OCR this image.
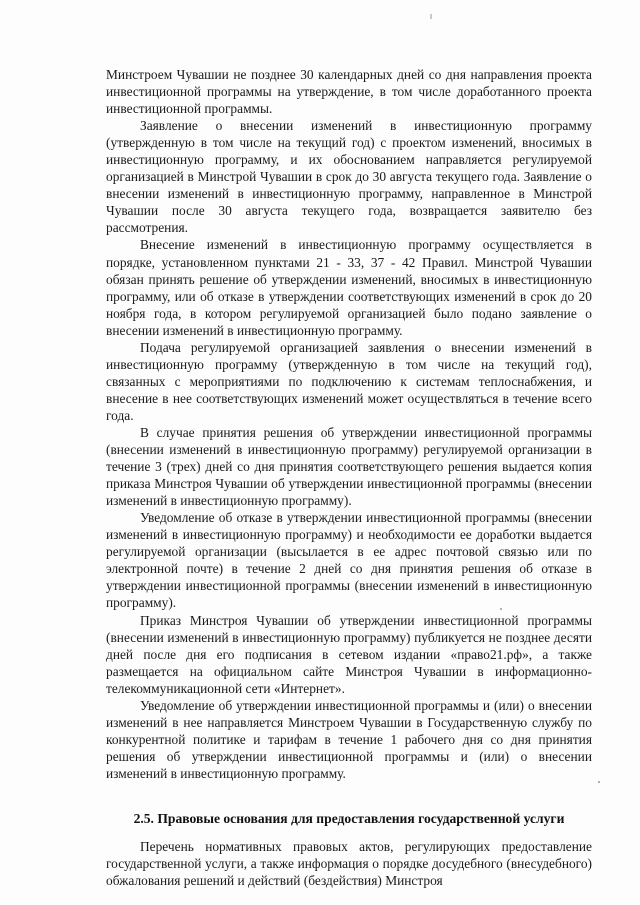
Минстроем Чувашии не позднее 30 календарных дней со дня направления проекта инвестиционной программы на утверждение, в том числе доработанного проекта инвестиционной программы.

Заявление о внесении изменений в инвестиционную программу (утвержденную в том числе на текущий год) с проектом изменений, вносимых в инвестиционную программу, и их обоснованием направляется регулируемой организацией в Минстрой Чувашии в срок до 30 августа текущего года. Заявление о внесении изменений в инвестиционную программу, направленное в Минстрой Чувашии после 30 августа текущего года, возвращается заявителю без рассмотрения.

Внесение изменений в инвестиционную программу осуществляется в порядке, установленном пунктами 21 - 33, 37 - 42 Правил. Минстрой Чувашии обязан принять решение об утверждении изменений, вносимых в инвестиционную программу, или об отказе в утверждении соответствующих изменений в срок до 20 ноября года, в котором регулируемой организацией было подано заявление о внесении изменений в инвестиционную программу.

Подача регулируемой организацией заявления о внесении изменений в инвестиционную программу (утвержденную в том числе на текущий год), связанных с мероприятиями по подключению к системам теплоснабжения, и внесение в нее соответствующих изменений может осуществляться в течение всего года.

В случае принятия решения об утверждении инвестиционной программы (внесении изменений в инвестиционную программу) регулируемой организации в течение 3 (трех) дней со дня принятия соответствующего решения выдается копия приказа Минстроя Чувашии об утверждении инвестиционной программы (внесении изменений в инвестиционную программу).

Уведомление об отказе в утверждении инвестиционной программы (внесении изменений в инвестиционную программу) и необходимости ее доработки выдается регулируемой организации (высылается в ее адрес почтовой связью или по электронной почте) в течение 2 дней со дня принятия решения об отказе в утверждении инвестиционной программы (внесении изменений в инвестиционную программу).

Приказ Минстроя Чувашии об утверждении инвестиционной программы (внесении изменений в инвестиционную программу) публикуется не позднее десяти дней после дня его подписания в сетевом издании «право21.рф», а также размещается на официальном сайте Минстроя Чувашии в информационно-телекоммуникационной сети «Интернет».

Уведомление об утверждении инвестиционной программы и (или) о внесении изменений в нее направляется Минстроем Чувашии в Государственную службу по конкурентной политике и тарифам в течение 1 рабочего дня со дня принятия решения об утверждении инвестиционной программы и (или) о внесении изменений в инвестиционную программу.

2.5. Правовые основания для предоставления государственной услуги

Перечень нормативных правовых актов, регулирующих предоставление государственной услуги, а также информация о порядке досудебного (внесудебного) обжалования решений и действий (бездействия) Минстроя
